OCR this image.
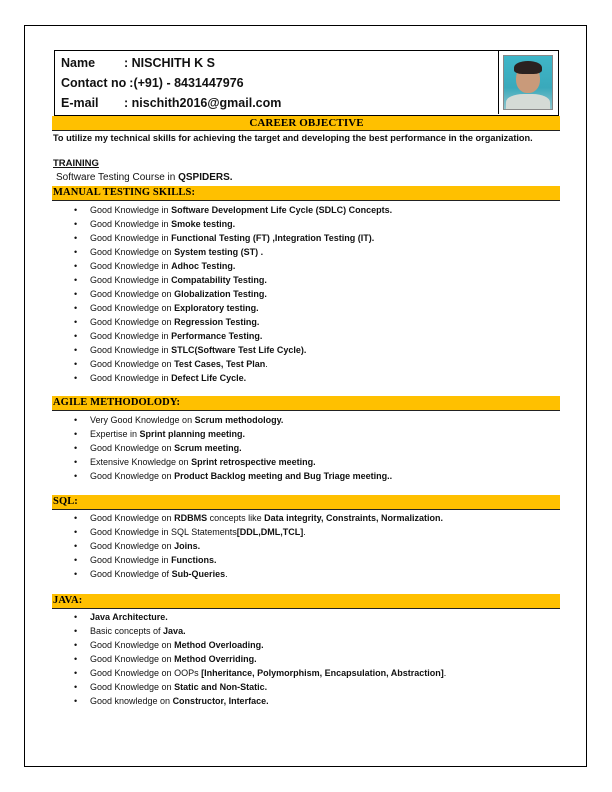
Name	: NISCHITH K S
Contact no :(+91) - 8431447976
E-mail	: nischith2016@gmail.com
CAREER OBJECTIVE
To utilize my technical skills for achieving the target and developing the best performance in the organization.
TRAINING
Software Testing Course in QSPIDERS.
MANUAL TESTING SKILLS:
• Good Knowledge in Software Development Life Cycle (SDLC) Concepts.
• Good Knowledge in Smoke testing.
• Good Knowledge in Functional Testing (FT) ,Integration Testing (IT).
• Good Knowledge on System testing (ST) .
• Good Knowledge in Adhoc Testing.
• Good Knowledge in Compatability Testing.
• Good Knowledge on Globalization Testing.
• Good Knowledge on Exploratory testing.
• Good Knowledge on Regression Testing.
• Good Knowledge in Performance Testing.
• Good Knowledge in STLC(Software Test Life Cycle).
• Good Knowledge on Test Cases, Test Plan.
• Good Knowledge in Defect Life Cycle.
AGILE METHODOLODY:
• Very Good Knowledge on Scrum methodology.
• Expertise in Sprint planning meeting.
• Good Knowledge on Scrum meeting.
• Extensive Knowledge on Sprint retrospective meeting.
• Good Knowledge on Product Backlog meeting and Bug Triage meeting..
SQL:
• Good Knowledge on RDBMS concepts like Data integrity, Constraints, Normalization.
• Good Knowledge in SQL Statements[DDL,DML,TCL].
• Good Knowledge on Joins.
• Good Knowledge in Functions.
• Good Knowledge of Sub-Queries.
JAVA:
• Java Architecture.
• Basic concepts of Java.
• Good Knowledge on Method Overloading.
• Good Knowledge on Method Overriding.
• Good Knowledge on OOPs [Inheritance, Polymorphism, Encapsulation, Abstraction].
• Good Knowledge on Static and Non-Static.
• Good knowledge on Constructor, Interface.
